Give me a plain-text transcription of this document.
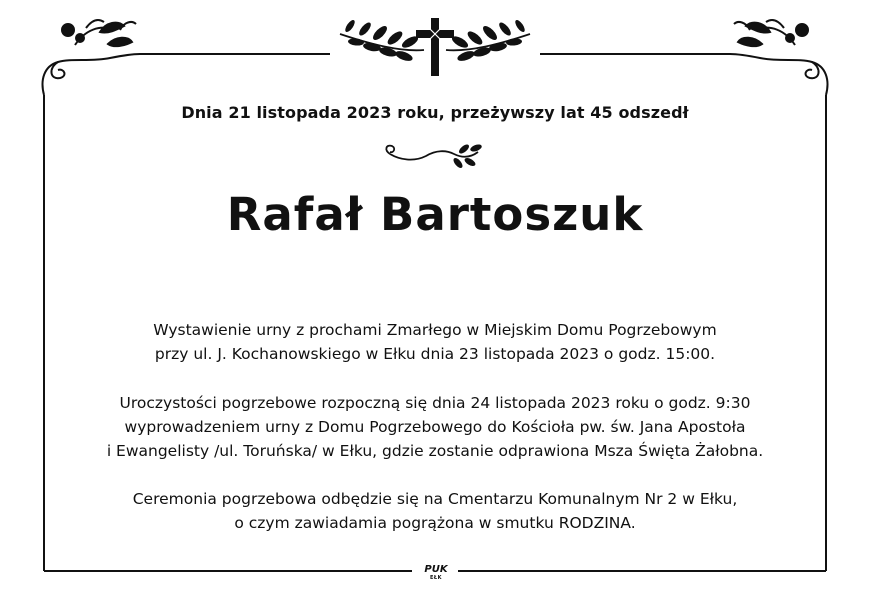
Dnia 21 listopada 2023 roku, przeżywszy lat 45 odszedł
Rafał Bartoszuk
Wystawienie urny z prochami Zmarłego w Miejskim Domu Pogrzebowym
przy ul. J. Kochanowskiego w Ełku dnia 23 listopada 2023 o godz. 15:00.
Uroczystości pogrzebowe rozpoczną się dnia 24 listopada 2023 roku o godz. 9:30
wyprowadzeniem urny z Domu Pogrzebowego do Kościoła pw. św. Jana Apostoła
i Ewangelisty /ul. Toruńska/ w Ełku, gdzie zostanie odprawiona Msza Święta Żałobna.
Ceremonia pogrzebowa odbędzie się na Cmentarzu Komunalnym Nr 2 w Ełku,
o czym zawiadamia pogrążona w smutku RODZINA.
PUK
EŁK
